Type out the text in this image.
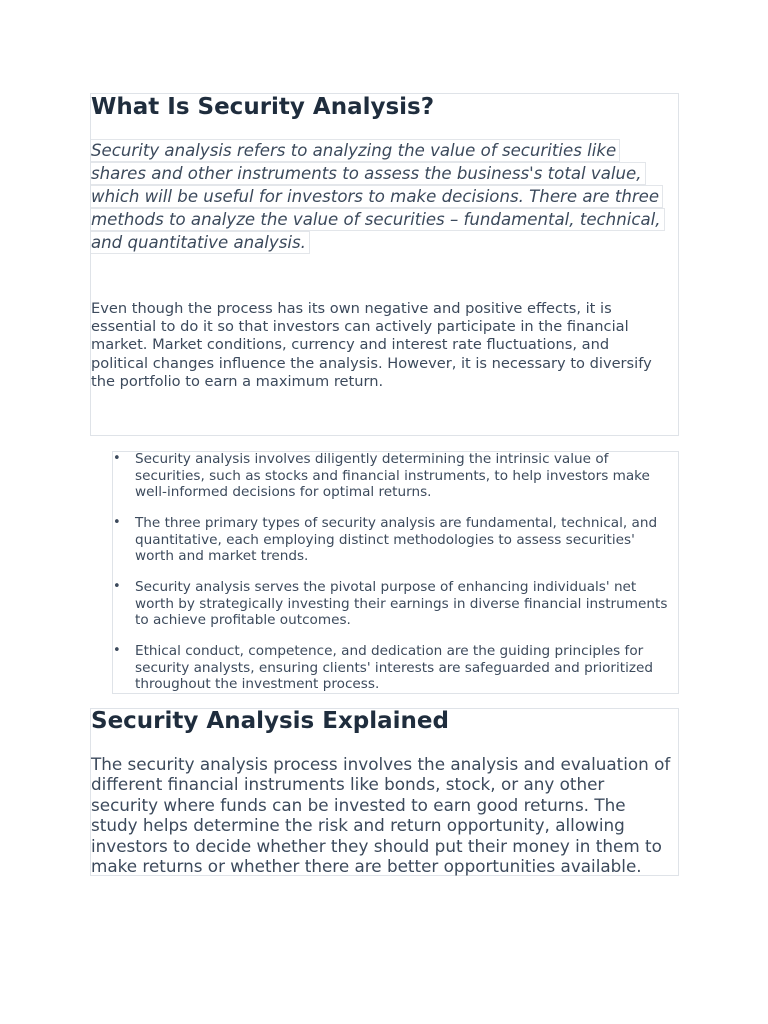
What Is Security Analysis?
Security analysis refers to analyzing the value of securities like
shares and other instruments to assess the business's total value,
which will be useful for investors to make decisions. There are three
methods to analyze the value of securities – fundamental, technical,
and quantitative analysis.
Even though the process has its own negative and positive effects, it is
essential to do it so that investors can actively participate in the financial
market. Market conditions, currency and interest rate fluctuations, and
political changes influence the analysis. However, it is necessary to diversify
the portfolio to earn a maximum return.
• Security analysis involves diligently determining the intrinsic value of
securities, such as stocks and financial instruments, to help investors make
well-informed decisions for optimal returns.
• The three primary types of security analysis are fundamental, technical, and
quantitative, each employing distinct methodologies to assess securities'
worth and market trends.
• Security analysis serves the pivotal purpose of enhancing individuals' net
worth by strategically investing their earnings in diverse financial instruments
to achieve profitable outcomes.
• Ethical conduct, competence, and dedication are the guiding principles for
security analysts, ensuring clients' interests are safeguarded and prioritized
throughout the investment process.
Security Analysis Explained
The security analysis process involves the analysis and evaluation of
different financial instruments like bonds, stock, or any other
security where funds can be invested to earn good returns. The
study helps determine the risk and return opportunity, allowing
investors to decide whether they should put their money in them to
make returns or whether there are better opportunities available.
